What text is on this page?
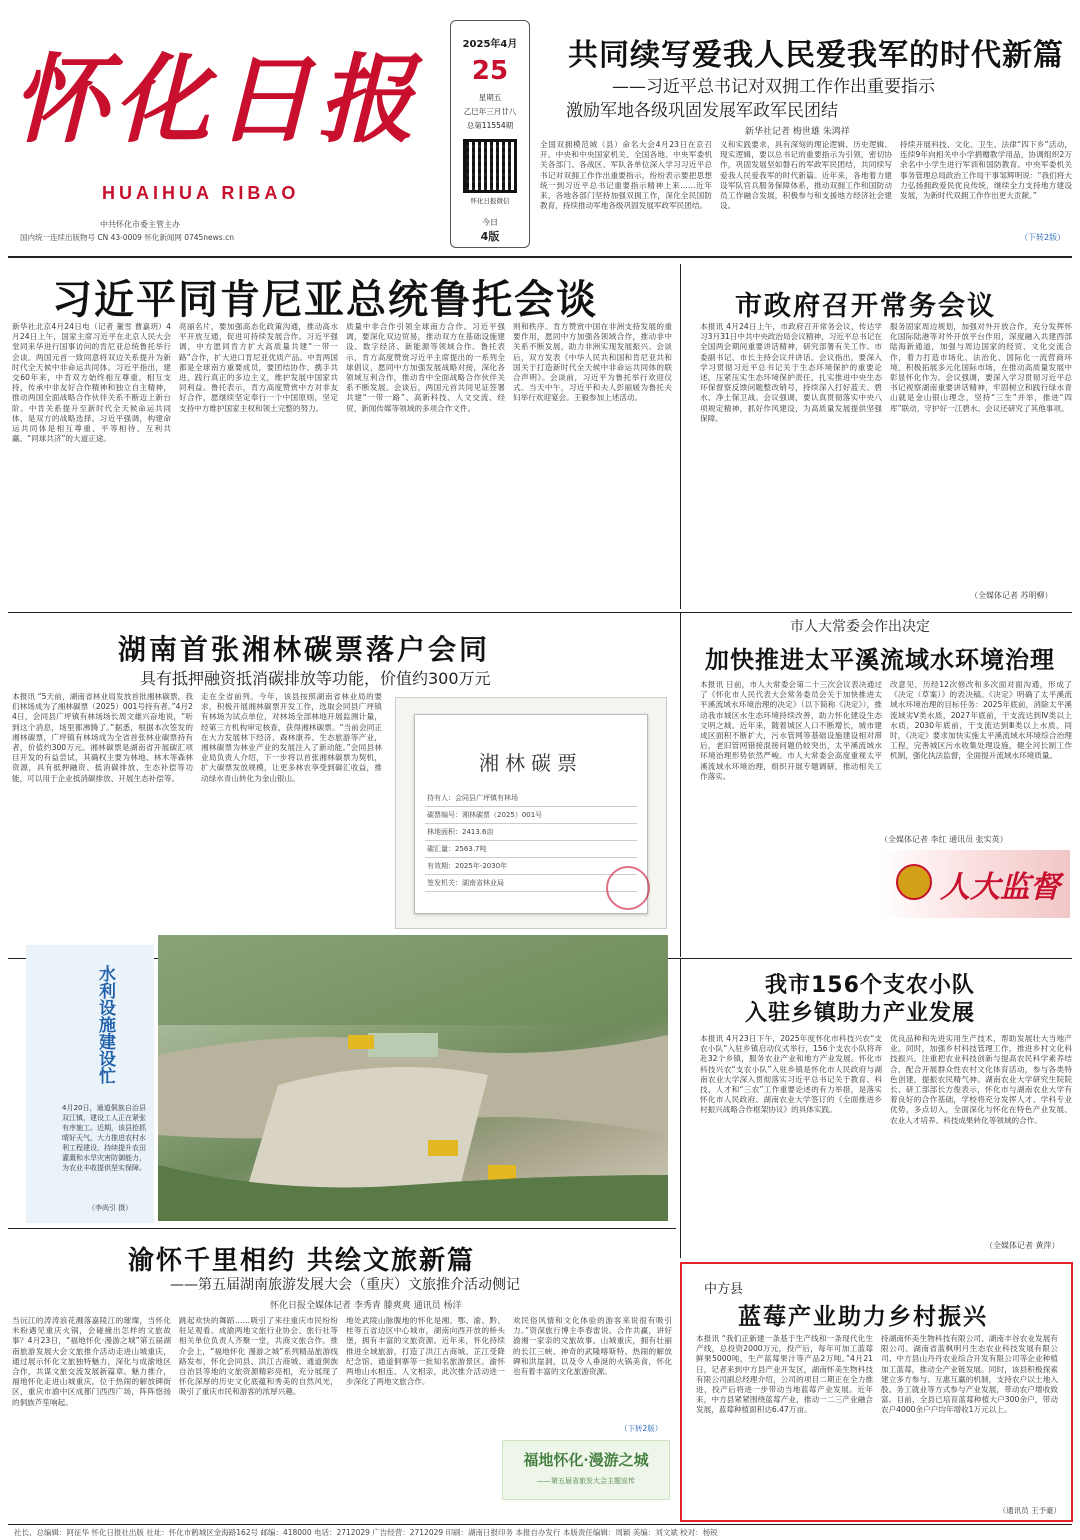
怀化日报
HUAIHUA RIBAO
中共怀化市委主管主办
国内统一连续出版物号 CN 43-0009 怀化新闻网 0745news.cn
2025年4月
25
星期五
乙巳年三月廿八
总第11554期
怀化日报微信
今日
4版
共同续写爱我人民爱我军的时代新篇
——习近平总书记对双拥工作作出重要指示
激励军地各级巩固发展军政军民团结
新华社记者 梅世雄 朱鸿祥
全国双拥模范城（县）命名大会4月23日在京召开。中央和中央国家机关、全国各地、中央军委机关各部门、各战区、军队各单位深入学习习近平总书记对双拥工作作出重要指示，纷纷表示要把思想统一到习近平总书记重要指示精神上来……近年来，各地各部门坚持加强双拥工作，深化全民国防教育，持续推动军地各级巩固发展军政军民团结。
义和实践要求，具有深刻的理论逻辑、历史逻辑、现实逻辑，要以总书记的重要指示为引领，密切协作，巩固发展坚如磐石的军政军民团结，共同续写爱我人民爱我军的时代新篇。近年来，各地着力建设军队官兵服务保障体系，推动双拥工作和国防动员工作融合发展，积极参与和支援地方经济社会建设。
持续开展科技、文化、卫生、法律“四下乡”活动，连续9年向相关中小学捐赠教学用品，协调组织2万余名中小学生进行军训和国防教育。中央军委机关事务管理总局政治工作局干事邹辉明说：“我们将大力弘扬拥政爱民优良传统，继续全力支持地方建设发展，为新时代双拥工作作出更大贡献。”
（下转2版）
习近平同肯尼亚总统鲁托会谈
新华社北京4月24日电（记者 董雪 曹嘉玥）4月24日上午，国家主席习近平在北京人民大会堂同来华进行国事访问的肯尼亚总统鲁托举行会谈。两国元首一致同意将双边关系提升为新时代全天候中非命运共同体。习近平指出，建交60年来，中肯双方始终相互尊重、相互支持，传承中非友好合作精神和独立自主精神，推动两国全面战略合作伙伴关系不断迈上新台阶。中肯关系提升至新时代全天候命运共同体，是双方的战略选择。习近平强调，构建命运共同体是相互尊重、平等相待、互利共赢、“同球共济”的大道正途。
亮丽名片，要加强高态化政策沟通，推动高水平开放互通，促进可持续发展合作。习近平强调，中方愿同肯方扩大高质量共建“一带一路”合作，扩大进口肯尼亚优质产品。中肯两国都是全球南方重要成员，要团结协作、携手共进，践行真正的多边主义，维护发展中国家共同利益。鲁托表示，肯方高度赞赏中方对非友好合作，愿继续坚定奉行一个中国原则，坚定支持中方维护国家主权和领土完整的努力。
质量中非合作引领全球南方合作。习近平强调，要深化双边贸易，推动双方在基础设施建设、数字经济、新能源等领域合作。鲁托表示，肯方高度赞赏习近平主席提出的一系列全球倡议，愿同中方加强发展战略对接，深化各领域互利合作，推动肯中全面战略合作伙伴关系不断发展。会谈后，两国元首共同见证签署共建“一带一路”、高新科技、人文交流、经贸、新闻传媒等领域的多项合作文件。
则和秩序。肯方赞赏中国在非洲支持发展的重要作用，愿同中方加强各领域合作，推动非中关系不断发展，助力非洲实现发展振兴。会谈后，双方发表《中华人民共和国和肯尼亚共和国关于打造新时代全天候中非命运共同体的联合声明》。会谈前，习近平为鲁托举行欢迎仪式。当天中午，习近平和夫人彭丽媛为鲁托夫妇举行欢迎宴会。王毅参加上述活动。
市政府召开常务会议
本报讯 4月24日上午，市政府召开常务会议，传达学习3月31日中共中央政治局会议精神，习近平总书记在全国两会期间重要讲话精神，研究部署有关工作。市委副书记、市长主持会议并讲话。会议指出，要深入学习贯彻习近平总书记关于生态环境保护的重要论述，压紧压实生态环境保护责任，扎实推进中央生态环保督察反馈问题整改销号，持续深入打好蓝天、碧水、净土保卫战。会议强调，要认真贯彻落实中央八项规定精神，抓好作风建设，为高质量发展提供坚强保障。
服务固家周边规划，加强对外开放合作，充分发挥怀化国际陆港等对外开放平台作用，深度融入共建西部陆海新通道，加强与周边国家的经贸、文化交流合作，着力打造市场化、法治化、国际化一流营商环境，积极拓展多元化国际市场，在推动高质量发展中彰显怀化作为。会议强调，要深入学习贯彻习近平总书记视察湖南重要讲话精神，牢固树立和践行绿水青山就是金山银山理念，坚持“三生”并举，推进“四库”联动，守护好一江碧水。会议还研究了其他事项。
（全媒体记者 苏明柳）
湖南首张湘林碳票落户会同
具有抵押融资抵消碳排放等功能，价值约300万元
本报讯 “5天前，湖南省林业局发放首批湘林碳票，我们林场成为了湘林碳票（2025）001号持有者。”4月24日，会同县广坪镇有林场场长周文雄兴奋地说，“听到这个消息，场里都沸腾了。”据悉，根据本次签发的湘林碳票，广坪镇有林场成为全省首张林业碳票持有者，价值约300万元。湘林碳票是湖南省开展碳汇项目开发的有益尝试，其确权主要为林地、林木等森林资源，具有抵押融资、抵消碳排放、生态补偿等功能，可以用于企业抵消碳排放、开展生态补偿等。
走在全省前列。今年，该县按照湖南省林业局的要求，积极开展湘林碳票开发工作，选取会同县广坪镇有林场为试点单位，对林场全部林地开展监测计量，经第三方机构审定核查，获得湘林碳票。“当前会同正在大力发展林下经济、森林康养、生态旅游等产业，湘林碳票为林业产业的发展注入了新动能。”会同县林业局负责人介绍，下一步将以首张湘林碳票为契机，扩大碳票发放规模，让更多林农享受到碳汇收益，推动绿水青山转化为金山银山。
湘林碳票
持有人：会同县广坪镇有林场
碳票编号：湘林碳票（2025）001号
林地面积：2413.6亩
碳汇量：2563.7吨
有效期：2025年-2030年
签发机关：湖南省林业局
市人大常委会作出决定
加快推进太平溪流域水环境治理
本报讯 日前，市人大常委会第二十三次会议表决通过了《怀化市人民代表大会常务委员会关于加快推进太平溪流域水环境治理的决定》（以下简称《决定》），推动我市城区水生态环境持续改善，助力怀化建设生态文明之城。近年来，随着城区人口不断增长，城市建成区面积不断扩大，污水管网等基础设施建设相对滞后，老旧管网错接混接问题仍较突出，太平溪流域水环境治理形势依然严峻。市人大常委会高度重视太平溪流域水环境治理，组织开展专题调研，推动相关工作落实。
改意见，历经12次修改和多次面对面沟通，形成了《决定（草案）》的表决稿。《决定》明确了太平溪流域水环境治理的目标任务：2025年底前，消除太平溪流域劣Ⅴ类水质，2027年底前，干支流达到Ⅳ类以上水质，2030年底前，干支流达到Ⅲ类以上水质。同时，《决定》要求加快实施太平溪流域水环境综合治理工程，完善城区污水收集处理设施，健全河长制工作机制，强化执法监督，全面提升流域水环境质量。
（全媒体记者 李红 通讯员 张实英）
人大监督
水利设施建设忙
4月20日，通道侗族自治县双江镇，建设工人正在紧张有序施工。近期，该县抢抓晴好天气，大力推进农村水利工程建设，持续提升农田灌溉和水旱灾害防御能力，为农业丰收提供坚实保障。
（李尚引 摄）
我市156个支农小队
入驻乡镇助力产业发展
本报讯 4月23日下午，2025年度怀化市科技兴农“支农小队”入驻乡镇启动仪式举行，156个支农小队将奔赴32个乡镇，服务农业产业和地方产业发展。怀化市科技兴农“支农小队”入驻乡镇是怀化市人民政府与湖南农业大学深入贯彻落实习近平总书记关于教育、科技、人才和“三农”工作重要论述的有力举措，是落实怀化市人民政府、湖南农业大学签订的《全面推进乡村振兴战略合作框架协议》的具体实践。
优良品种和先进实用生产技术，帮助发展壮大当地产业。同时，加强乡村科技管理工作，推进乡村文化科技振兴，注重把农业科技创新与提高农民科学素养结合，配合开展群众性农村文化体育活动，参与各类特色创建，提振农民精气神。湖南农业大学研究生院院长、研工部部长方俊表示，怀化市与湖南农业大学有着良好的合作基础，学校将充分发挥人才、学科专业优势，多点切入，全面深化与怀化在特色产业发展、农业人才培养、科技成果转化等领域的合作。
（全媒体记者 黄萍）
渝怀千里相约 共绘文旅新篇
——第五届湖南旅游发展大会（重庆）文旅推介活动侧记
怀化日报全媒体记者 李秀青 滕爽爽 通讯员 杨洋
当沅江的涛涛浪花溅落嘉陵江的璀璨，当怀化米粉遇见重庆火锅，会碰撞出怎样的文旅故事？4月23日，“福地怀化·漫游之城”第五届湖南旅游发展大会文旅推介活动走进山城重庆，通过展示怀化文旅独特魅力，深化与成渝地区合作，共谋文旅交流发展新篇章。魅力推介，福地怀化走进山城重庆。位于热闹的解放碑街区，重庆市渝中区成都门西西广场，阵阵悠扬的侗族芦笙响起。
跳起欢快的舞蹈……吸引了来往重庆市民纷纷驻足观看。成渝两地文旅行业协会、旅行社等相关单位负责人齐聚一堂，共商文旅合作。推介会上，“福地怀化 漫游之城”系列精品旅游线路发布，怀化会同县、洪江古商城、通道侗族自治县等地的文旅资源精彩亮相，充分展现了怀化深厚的历史文化底蕴和秀美的自然风光，吸引了重庆市民和游客的浓厚兴趣。
地处武陵山脉腹地的怀化是湘、鄂、渝、黔、桂等五省边区中心城市，湖南向西开放的桥头堡，拥有丰富的文旅资源。近年来，怀化持续推进全域旅游，打造了洪江古商城、芷江受降纪念馆、通道侗寨等一批知名旅游景区。渝怀两地山水相连、人文相亲，此次推介活动进一步深化了两地文旅合作。
欢民俗风情和文化体验的游客来说很有吸引力。”资深旅行博主李春雷说。合作共赢，讲好渝湘一家亲的文旅故事。山城重庆，拥有壮丽的长江三峡、神奇的武隆喀斯特、热闹的解放碑和洪崖洞，以及令人垂涎的火锅美食，怀化也有着丰富的文化旅游资源。
福地怀化·漫游之城
——第五届省旅发大会主题宣传
（下转2版）
中方县
蓝莓产业助力乡村振兴
本报讯 “我们正新建一条基于生产线和一条现代化生产线，总投资2000万元，投产后，每年可加工蓝莓鲜果5000吨，生产蓝莓果汁等产品2万吨。”4月21日，记者来到中方县产业开发区，湖南怀美生物科技有限公司副总经理介绍，公司的项目二期正在全力推进，投产后将进一步带动当地蓝莓产业发展。近年来，中方县紧紧围绕蓝莓产业，推动一二三产业融合发展，蓝莓种植面积达6.47万亩。
持湖南怀美生物科技有限公司、湖南丰谷农业发展有限公司、湖南省蓝枫明月生态农业科技发展有限公司、中方县山丹丹农业综合开发有限公司等企业种植加工蓝莓，推动全产业链发展。同时，该县积极探索建立多方参与、互惠互赢的机制，支持农户以土地入股、务工就业等方式参与产业发展，带动农户增收致富。目前，全县已培育蓝莓种植大户300余户，带动农户4000余户户均年增收1万元以上。
（通讯员 王予豪）
社长、总编辑：阿征华 怀化日报社出版 社址：怀化市鹤城区金海路162号 邮编：418000 电话：2712029 广告经营：2712029 印刷：湖南日报印务 本报自办发行 本版责任编辑：周颖 美编：刘文斌 校对：杨锐
